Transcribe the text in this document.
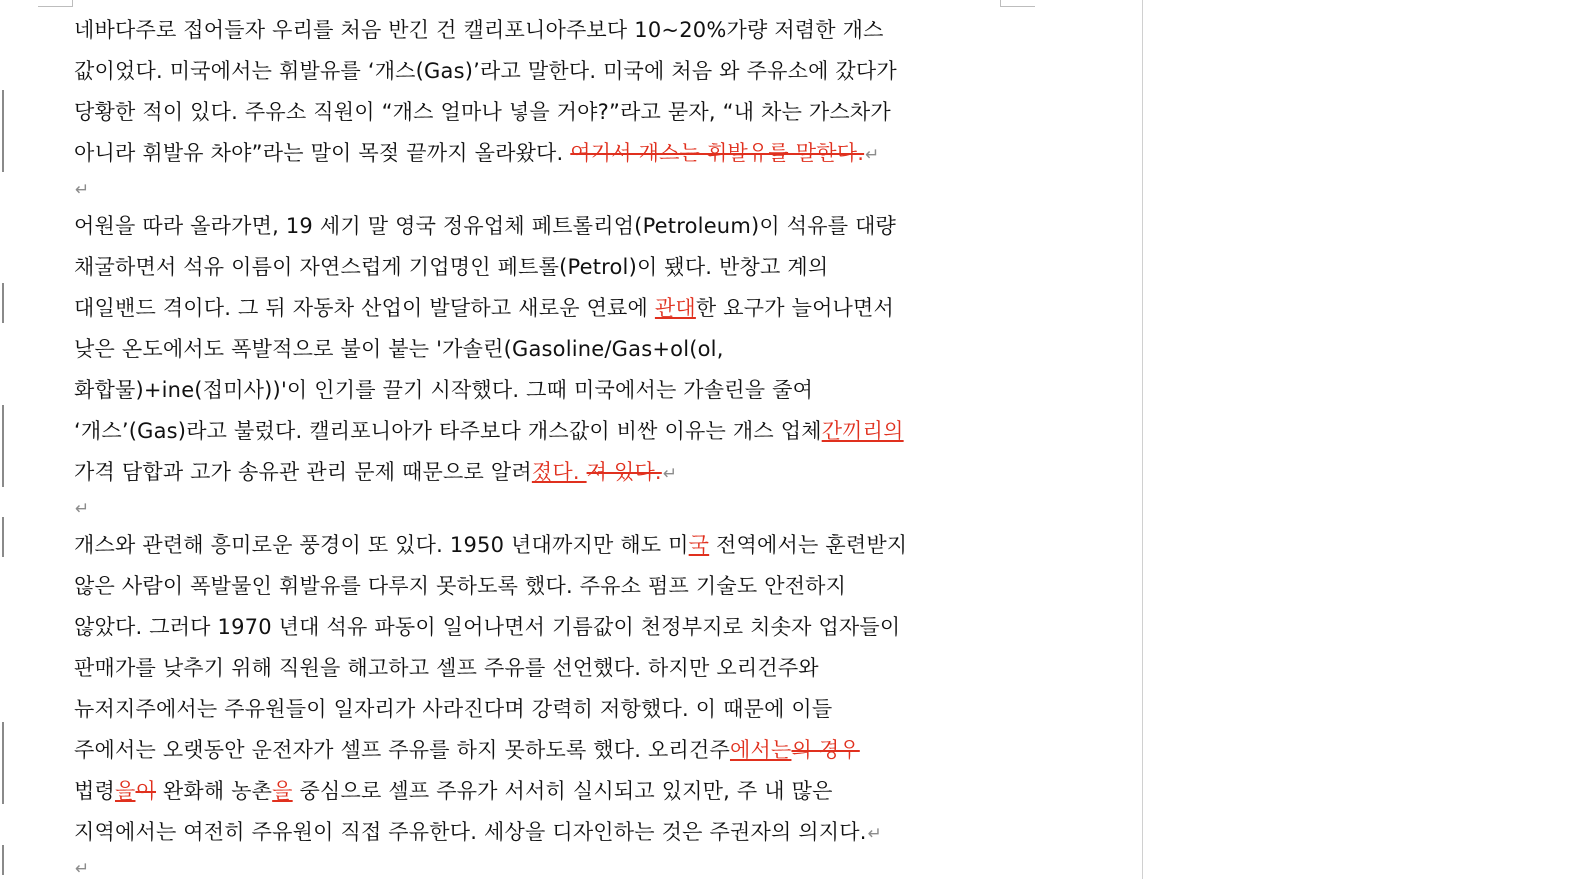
네바다주로 접어들자 우리를 처음 반긴 건 캘리포니아주보다 10~20%가량 저렴한 개스
값이었다. 미국에서는 휘발유를 ‘개스(Gas)’라고 말한다. 미국에 처음 와 주유소에 갔다가
당황한 적이 있다. 주유소 직원이 “개스 얼마나 넣을 거야?”라고 묻자, “내 차는 가스차가
아니라 휘발유 차야”라는 말이 목젖 끝까지 올라왔다. 여기서 개스는 휘발유를 말한다.↵
↵
어원을 따라 올라가면, 19 세기 말 영국 정유업체 페트롤리엄(Petroleum)이 석유를 대량
채굴하면서 석유 이름이 자연스럽게 기업명인 페트롤(Petrol)이 됐다. 반창고 계의
대일밴드 격이다. 그 뒤 자동차 산업이 발달하고 새로운 연료에 관대한 요구가 늘어나면서
낮은 온도에서도 폭발적으로 불이 붙는 '가솔린(Gasoline/Gas+ol(ol,
화합물)+ine(접미사))'이 인기를 끌기 시작했다. 그때 미국에서는 가솔린을 줄여
‘개스’(Gas)라고 불렀다. 캘리포니아가 타주보다 개스값이 비싼 이유는 개스 업체간끼리의
가격 담합과 고가 송유관 관리 문제 때문으로 알려졌다. 져 있다.↵
↵
개스와 관련해 흥미로운 풍경이 또 있다. 1950 년대까지만 해도 미국 전역에서는 훈련받지
않은 사람이 폭발물인 휘발유를 다루지 못하도록 했다. 주유소 펌프 기술도 안전하지
않았다. 그러다 1970 년대 석유 파동이 일어나면서 기름값이 천정부지로 치솟자 업자들이
판매가를 낮추기 위해 직원을 해고하고 셀프 주유를 선언했다. 하지만 오리건주와
뉴저지주에서는 주유원들이 일자리가 사라진다며 강력히 저항했다. 이 때문에 이들
주에서는 오랫동안 운전자가 셀프 주유를 하지 못하도록 했다. 오리건주에서는의 경우
법령을이 완화해 농촌을 중심으로 셀프 주유가 서서히 실시되고 있지만, 주 내 많은
지역에서는 여전히 주유원이 직접 주유한다. 세상을 디자인하는 것은 주권자의 의지다.↵
↵
